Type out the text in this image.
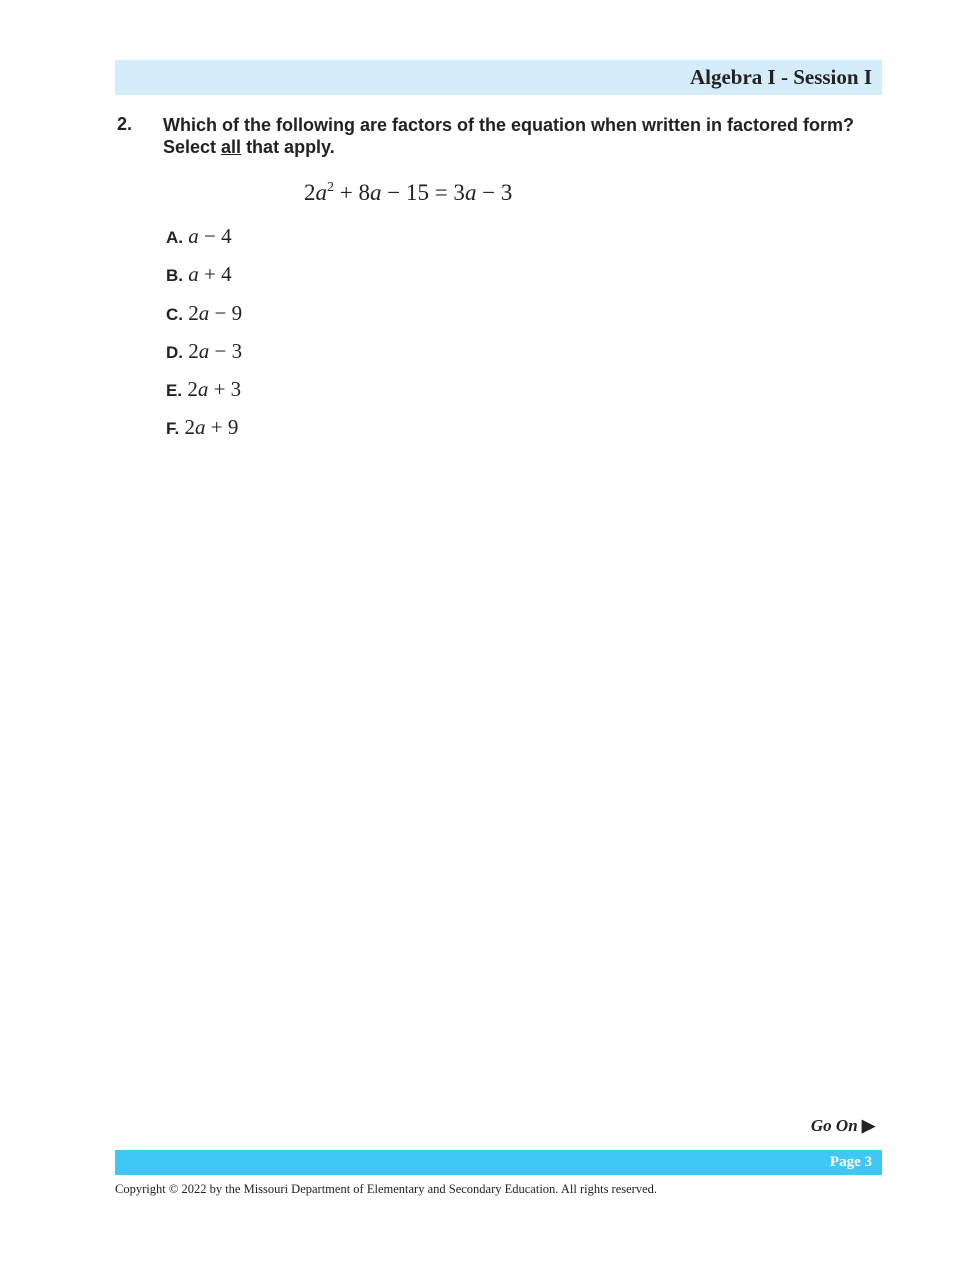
Algebra I - Session I
2. Which of the following are factors of the equation when written in factored form? Select all that apply.
$2a^2 + 8a - 15 = 3a - 3$
A. a − 4
B. a + 4
C. 2a − 9
D. 2a − 3
E. 2a + 3
F. 2a + 9
Go On ▶
Page 3
Copyright © 2022 by the Missouri Department of Elementary and Secondary Education. All rights reserved.
